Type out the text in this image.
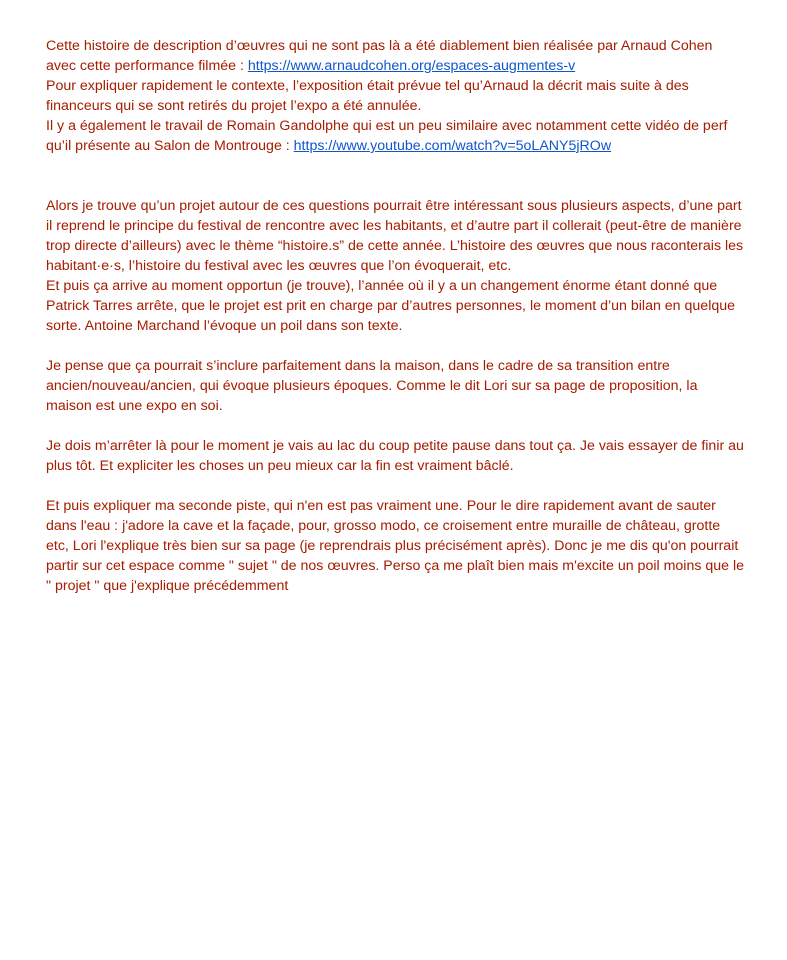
Cette histoire de description d’œuvres qui ne sont pas là a été diablement bien réalisée par Arnaud Cohen avec cette performance filmée : https://www.arnaudcohen.org/espaces-augmentes-v

Pour expliquer rapidement le contexte, l’exposition était prévue tel qu’Arnaud la décrit mais suite à des financeurs qui se sont retirés du projet l’expo a été annulée.

Il y a également le travail de Romain Gandolphe qui est un peu similaire avec notamment cette vidéo de perf qu’il présente au Salon de Montrouge : https://www.youtube.com/watch?v=5oLANY5jROw

Alors je trouve qu’un projet autour de ces questions pourrait être intéressant sous plusieurs aspects, d’une part il reprend le principe du festival de rencontre avec les habitants, et d’autre part il collerait (peut-être de manière trop directe d’ailleurs) avec le thème “histoire.s” de cette année. L’histoire des œuvres que nous raconterais les habitant·e·s, l’histoire du festival avec les œuvres que l’on évoquerait, etc.

Et puis ça arrive au moment opportun (je trouve), l’année où il y a un changement énorme étant donné que Patrick Tarres arrête, que le projet est prit en charge par d’autres personnes, le moment d’un bilan en quelque sorte. Antoine Marchand l’évoque un poil dans son texte.

Je pense que ça pourrait s’inclure parfaitement dans la maison, dans le cadre de sa transition entre ancien/nouveau/ancien, qui évoque plusieurs époques. Comme le dit Lori sur sa page de proposition, la maison est une expo en soi.

Je dois m’arrêter là pour le moment je vais au lac du coup petite pause dans tout ça. Je vais essayer de finir au plus tôt. Et expliciter les choses un peu mieux car la fin est vraiment bâclé.

Et puis expliquer ma seconde piste, qui n'en est pas vraiment une. Pour le dire rapidement avant de sauter dans l'eau : j'adore la cave et la façade, pour, grosso modo, ce croisement entre muraille de château, grotte etc, Lori l'explique très bien sur sa page (je reprendrais plus précisément après). Donc je me dis qu'on pourrait partir sur cet espace comme " sujet " de nos œuvres. Perso ça me plaît bien mais m'excite un poil moins que le " projet " que j'explique précédemment
